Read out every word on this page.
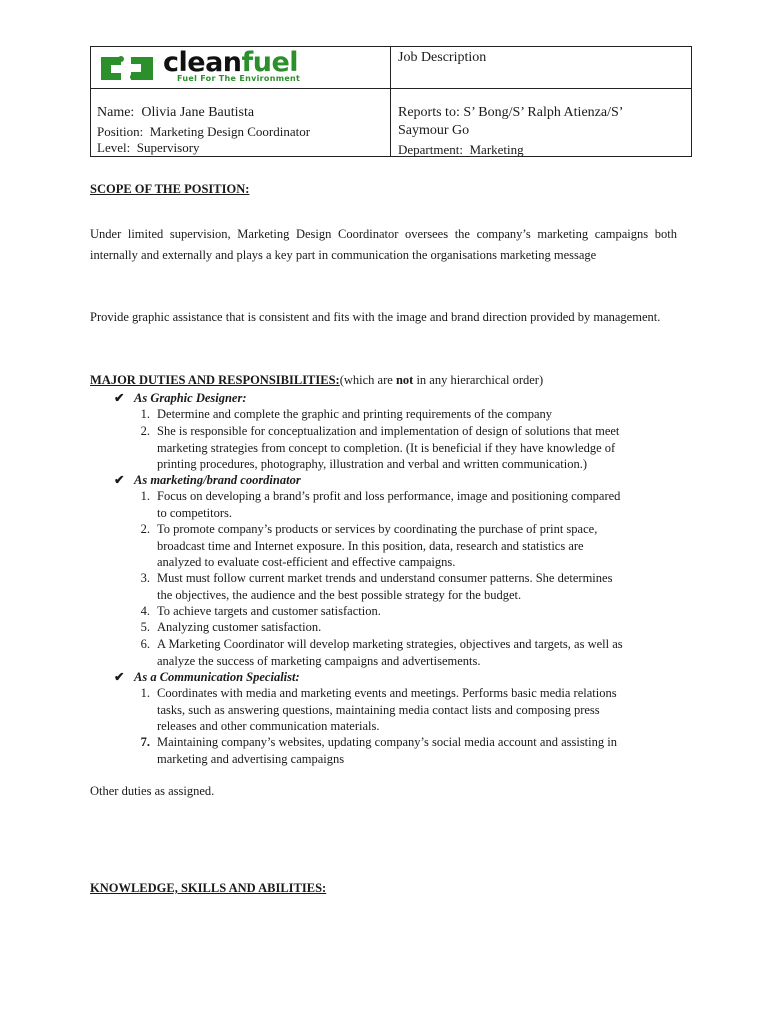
cleanfuel
Fuel For The Environment
Job Description
Name: Olivia Jane Bautista
Position: Marketing Design Coordinator
Level: Supervisory
Reports to: S’ Bong/S’ Ralph Atienza/S’
Saymour Go
Department: Marketing
SCOPE OF THE POSITION:
Under limited supervision, Marketing Design Coordinator oversees the company’s marketing campaigns both internally and externally and plays a key part in communication the organisations marketing message
Provide graphic assistance that is consistent and fits with the image and brand direction provided by management.
MAJOR DUTIES AND RESPONSIBILITIES:(which are not in any hierarchical order)
✔ As Graphic Designer:
1. Determine and complete the graphic and printing requirements of the company
2. She is responsible for conceptualization and implementation of design of solutions that meet
marketing strategies from concept to completion. (It is beneficial if they have knowledge of
printing procedures, photography, illustration and verbal and written communication.)
✔ As marketing/brand coordinator
1. Focus on developing a brand’s profit and loss performance, image and positioning compared
to competitors.
2. To promote company’s products or services by coordinating the purchase of print space,
broadcast time and Internet exposure. In this position, data, research and statistics are
analyzed to evaluate cost-efficient and effective campaigns.
3. Must must follow current market trends and understand consumer patterns. She determines
the objectives, the audience and the best possible strategy for the budget.
4. To achieve targets and customer satisfaction.
5. Analyzing customer satisfaction.
6. A Marketing Coordinator will develop marketing strategies, objectives and targets, as well as
analyze the success of marketing campaigns and advertisements.
✔ As a Communication Specialist:
1. Coordinates with media and marketing events and meetings. Performs basic media relations
tasks, such as answering questions, maintaining media contact lists and composing press
releases and other communication materials.
7. Maintaining company’s websites, updating company’s social media account and assisting in
marketing and advertising campaigns
Other duties as assigned.
KNOWLEDGE, SKILLS AND ABILITIES:
